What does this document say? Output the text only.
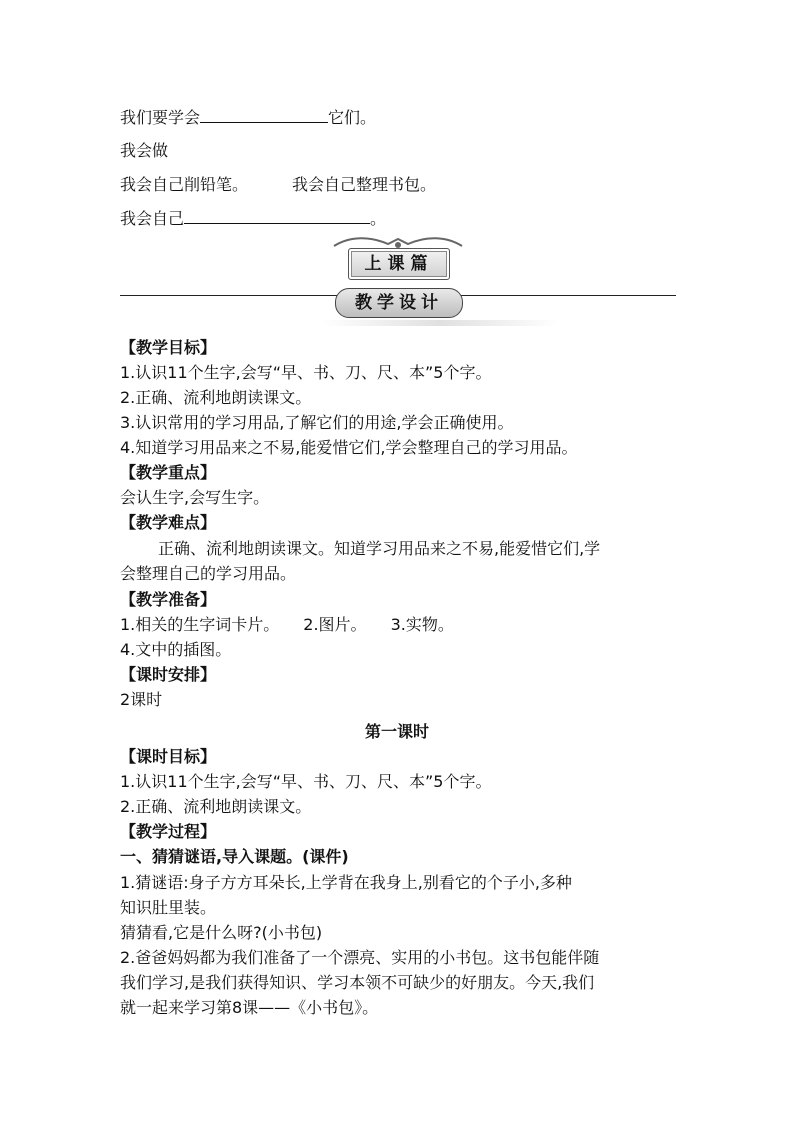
我们要学会	它们。
我会做
我会自己削铅笔。	我会自己整理书包。
我会自己	。
上课篇
教学设计
【教学目标】
1.认识11个生字,会写“早、书、刀、尺、本”5个字。
2.正确、流利地朗读课文。
3.认识常用的学习用品,了解它们的用途,学会正确使用。
4.知道学习用品来之不易,能爱惜它们,学会整理自己的学习用品。
【教学重点】
会认生字,会写生字。
【教学难点】
正确、流利地朗读课文。知道学习用品来之不易,能爱惜它们,学
会整理自己的学习用品。
【教学准备】
1.相关的生字词卡片。 2.图片。 3.实物。
4.文中的插图。
【课时安排】
2课时
第一课时
【课时目标】
1.认识11个生字,会写“早、书、刀、尺、本”5个字。
2.正确、流利地朗读课文。
【教学过程】
一、猜猜谜语,导入课题。(课件)
1.猜谜语:身子方方耳朵长,上学背在我身上,别看它的个子小,多种
知识肚里装。
猜猜看,它是什么呀?(小书包)
2.爸爸妈妈都为我们准备了一个漂亮、实用的小书包。这书包能伴随
我们学习,是我们获得知识、学习本领不可缺少的好朋友。今天,我们
就一起来学习第8课——《小书包》。
